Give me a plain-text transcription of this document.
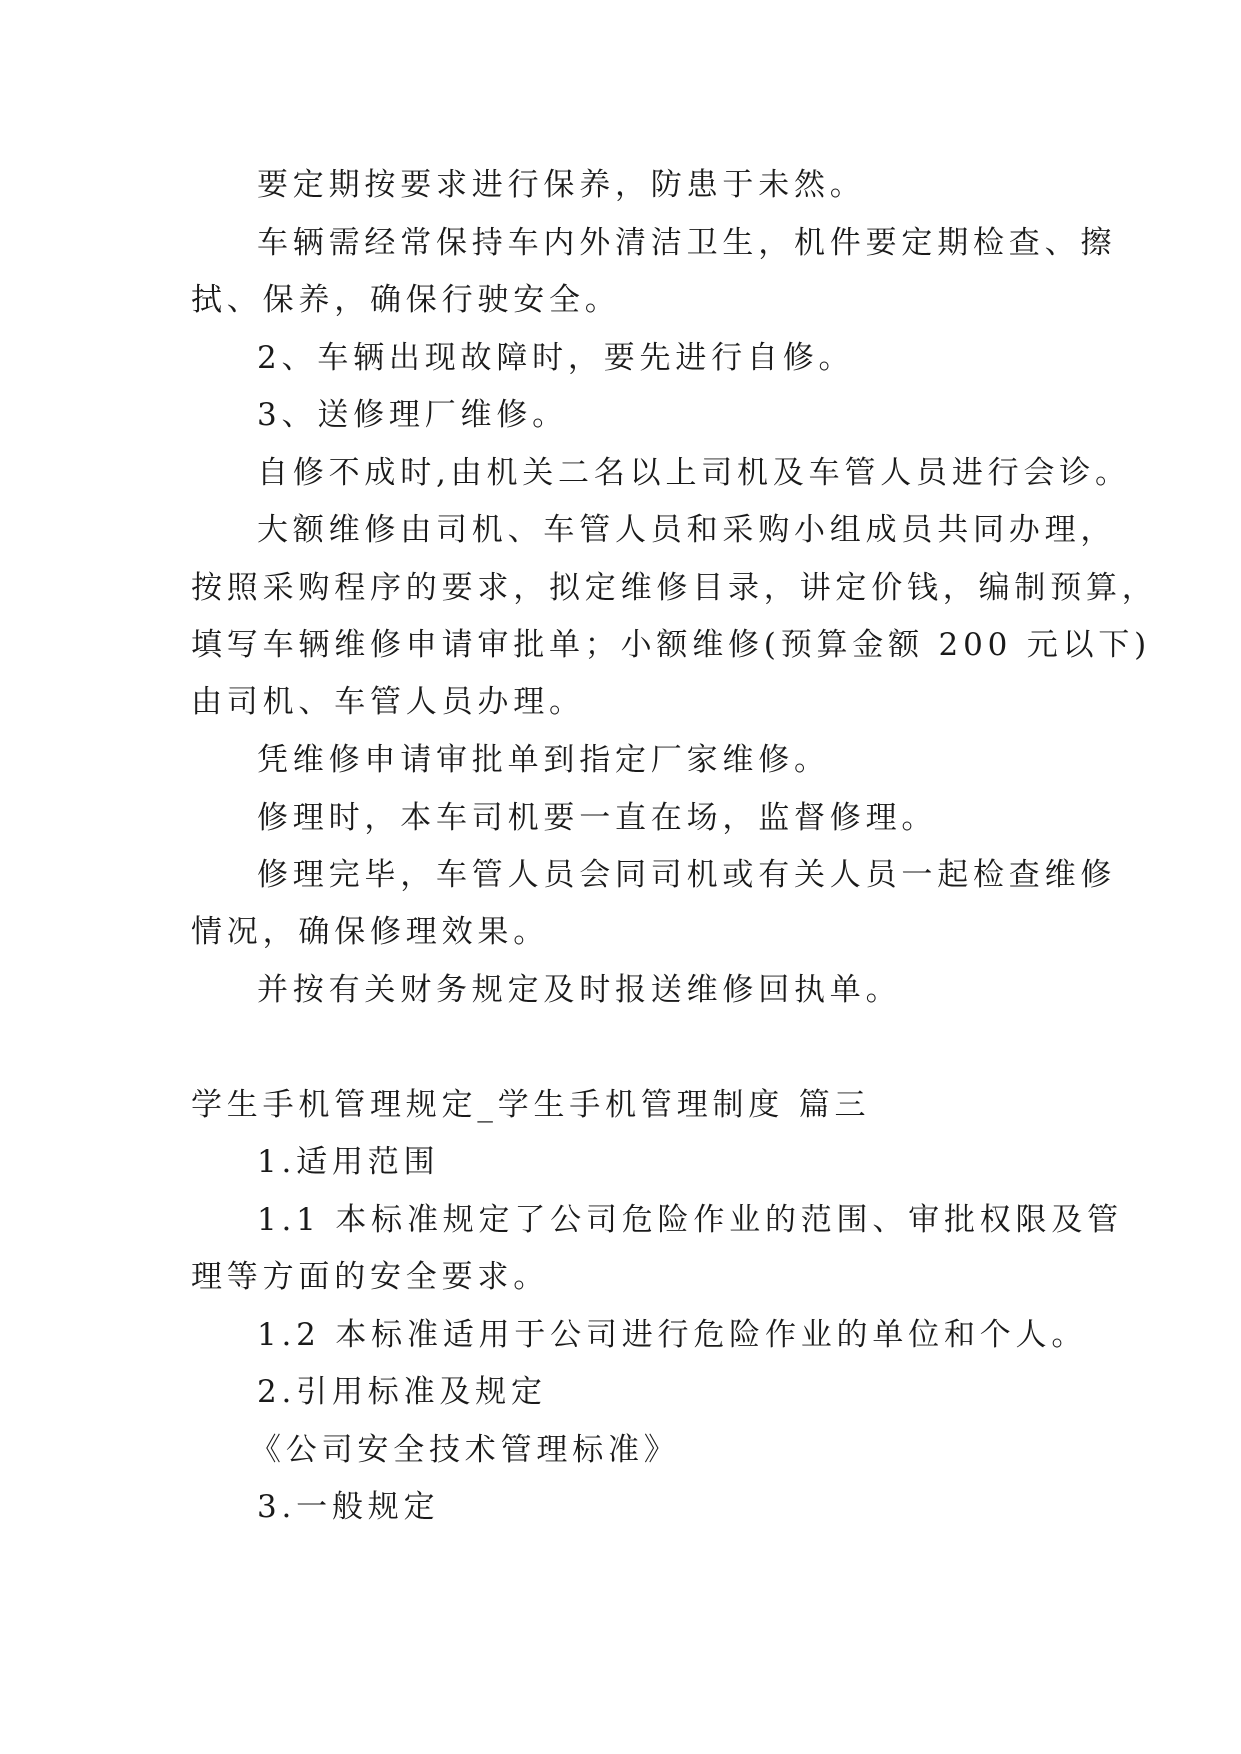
要定期按要求进行保养，防患于未然。
车辆需经常保持车内外清洁卫生，机件要定期检查、擦
拭、保养，确保行驶安全。
2、车辆出现故障时，要先进行自修。
3、送修理厂维修。
自修不成时,由机关二名以上司机及车管人员进行会诊。
大额维修由司机、车管人员和采购小组成员共同办理，
按照采购程序的要求，拟定维修目录，讲定价钱，编制预算，
填写车辆维修申请审批单；小额维修(预算金额 200 元以下)
由司机、车管人员办理。
凭维修申请审批单到指定厂家维修。
修理时，本车司机要一直在场，监督修理。
修理完毕，车管人员会同司机或有关人员一起检查维修
情况，确保修理效果。
并按有关财务规定及时报送维修回执单。
学生手机管理规定_学生手机管理制度 篇三
1.适用范围
1.1 本标准规定了公司危险作业的范围、审批权限及管
理等方面的安全要求。
1.2 本标准适用于公司进行危险作业的单位和个人。
2.引用标准及规定
《公司安全技术管理标准》
3.一般规定
